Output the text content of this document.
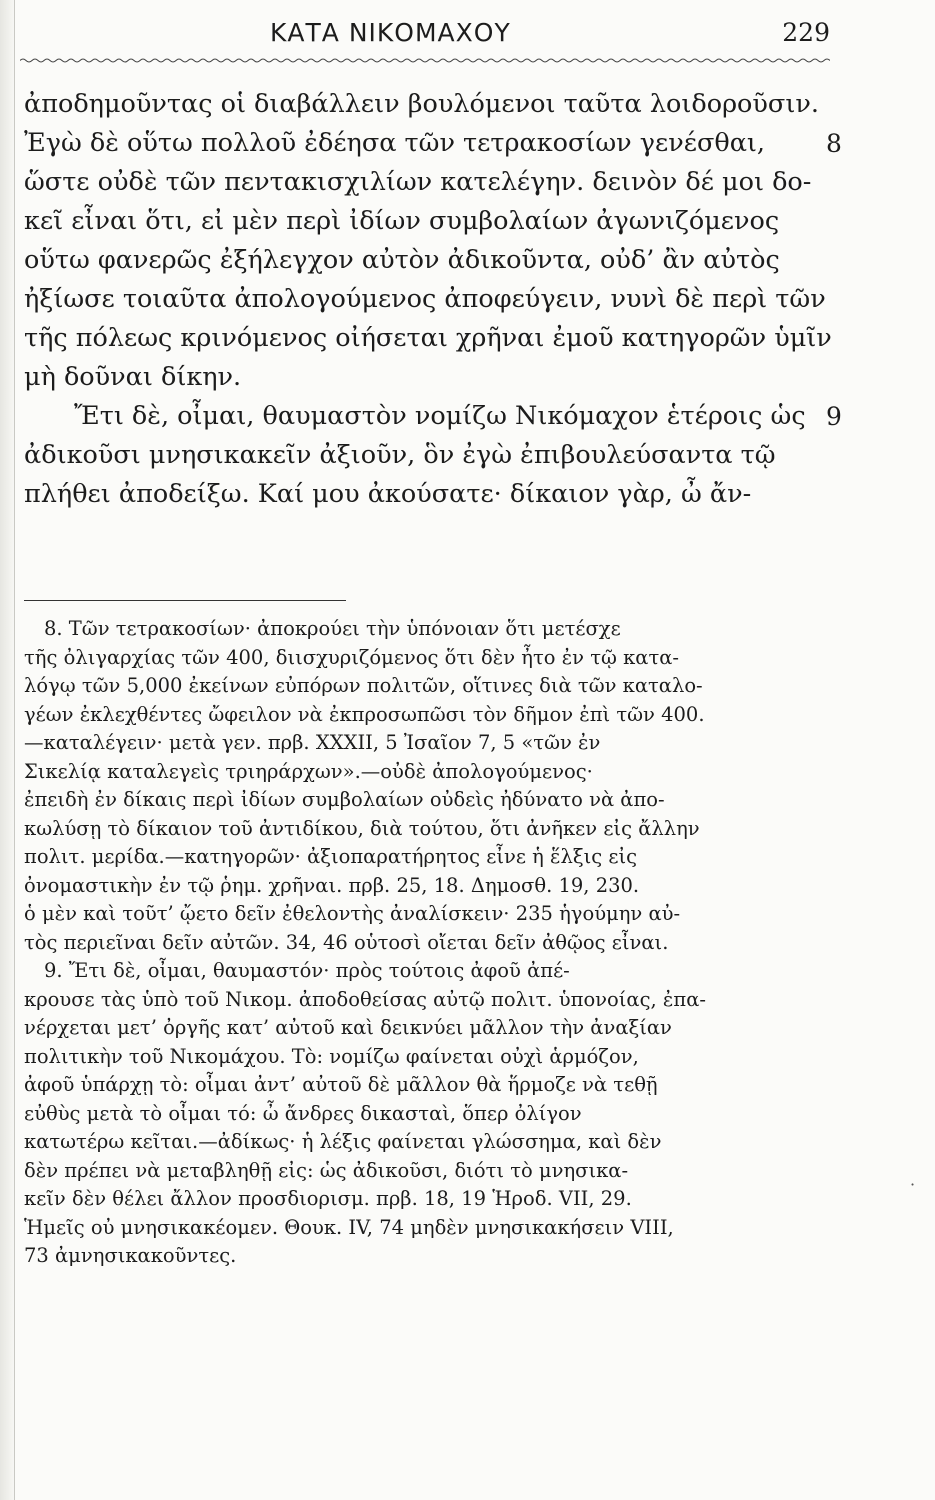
ΚΑΤΑ ΝΙΚΟΜΑΧΟΥ	229
ἀποδημοῦντας οἱ διαβάλλειν βουλόμενοι ταῦτα λοιδοροῦσιν.
Ἐγὼ δὲ οὕτω πολλοῦ ἐδέησα τῶν τετρακοσίων γενέσθαι, 8
ὥστε οὐδὲ τῶν πεντακισχιλίων κατελέγην. δεινὸν δέ μοι δο-
κεῖ εἶναι ὅτι, εἰ μὲν περὶ ἰδίων συμβολαίων ἀγωνιζόμενος
οὕτω φανερῶς ἐξήλεγχον αὐτὸν ἀδικοῦντα, οὐδ’ ἂν αὐτὸς
ἠξίωσε τοιαῦτα ἀπολογούμενος ἀποφεύγειν, νυνὶ δὲ περὶ τῶν
τῆς πόλεως κρινόμενος οἰήσεται χρῆναι ἐμοῦ κατηγορῶν ὑμῖν
μὴ δοῦναι δίκην.
Ἔτι δὲ, οἶμαι, θαυμαστὸν νομίζω Νικόμαχον ἑτέροις ὡς 9
ἀδικοῦσι μνησικακεῖν ἀξιοῦν, ὃν ἐγὼ ἐπιβουλεύσαντα τῷ
πλήθει ἀποδείξω. Καί μου ἀκούσατε· δίκαιον γὰρ, ὦ ἄν-
8. Τῶν τετρακοσίων· ἀποκρούει τὴν ὑπόνοιαν ὅτι μετέσχε
τῆς ὀλιγαρχίας τῶν 400, διισχυριζόμενος ὅτι δὲν ἦτο ἐν τῷ κατα-
λόγῳ τῶν 5,000 ἐκείνων εὐπόρων πολιτῶν, οἵτινες διὰ τῶν καταλο-
γέων ἐκλεχθέντες ὤφειλον νὰ ἐκπροσωπῶσι τὸν δῆμον ἐπὶ τῶν 400.
—καταλέγειν· μετὰ γεν. πρβ. XXXII, 5 Ἰσαῖον 7, 5 «τῶν ἐν
Σικελίᾳ καταλεγεὶς τριηράρχων».—οὐδὲ ἀπολογούμενος·
ἐπειδὴ ἐν δίκαις περὶ ἰδίων συμβολαίων οὐδεὶς ἠδύνατο νὰ ἀπο-
κωλύσῃ τὸ δίκαιον τοῦ ἀντιδίκου, διὰ τούτου, ὅτι ἀνῆκεν εἰς ἄλλην
πολιτ. μερίδα.—κατηγορῶν· ἀξιοπαρατήρητος εἶνε ἡ ἕλξις εἰς
ὀνομαστικὴν ἐν τῷ ῥημ. χρῆναι. πρβ. 25, 18. Δημοσθ. 19, 230.
ὁ μὲν καὶ τοῦτ’ ᾤετο δεῖν ἐθελοντὴς ἀναλίσκειν· 235 ἡγούμην αὐ-
τὸς περιεῖναι δεῖν αὐτῶν. 34, 46 οὑτοσὶ οἴεται δεῖν ἀθῷος εἶναι.
9. Ἔτι δὲ, οἶμαι, θαυμαστόν· πρὸς τούτοις ἀφοῦ ἀπέ-
κρουσε τὰς ὑπὸ τοῦ Νικομ. ἀποδοθείσας αὐτῷ πολιτ. ὑπονοίας, ἐπα-
νέρχεται μετ’ ὀργῆς κατ’ αὐτοῦ καὶ δεικνύει μᾶλλον τὴν ἀναξίαν
πολιτικὴν τοῦ Νικομάχου. Τὸ: νομίζω φαίνεται οὐχὶ ἁρμόζον,
ἀφοῦ ὑπάρχῃ τὸ: οἶμαι ἀντ’ αὐτοῦ δὲ μᾶλλον θὰ ἥρμοζε νὰ τεθῇ
εὐθὺς μετὰ τὸ οἶμαι τό: ὦ ἄνδρες δικασταὶ, ὅπερ ὀλίγον
κατωτέρω κεῖται.—ἀδίκως· ἡ λέξις φαίνεται γλώσσημα, καὶ δὲν
δὲν πρέπει νὰ μεταβληθῇ εἰς: ὡς ἀδικοῦσι, διότι τὸ μνησικα-
κεῖν δὲν θέλει ἄλλον προσδιορισμ. πρβ. 18, 19 Ἡροδ. VII, 29.
Ἡμεῖς οὐ μνησικακέομεν. Θουκ. IV, 74 μηδὲν μνησικακήσειν VIII,
73 ἀμνησικακοῦντες.
·
